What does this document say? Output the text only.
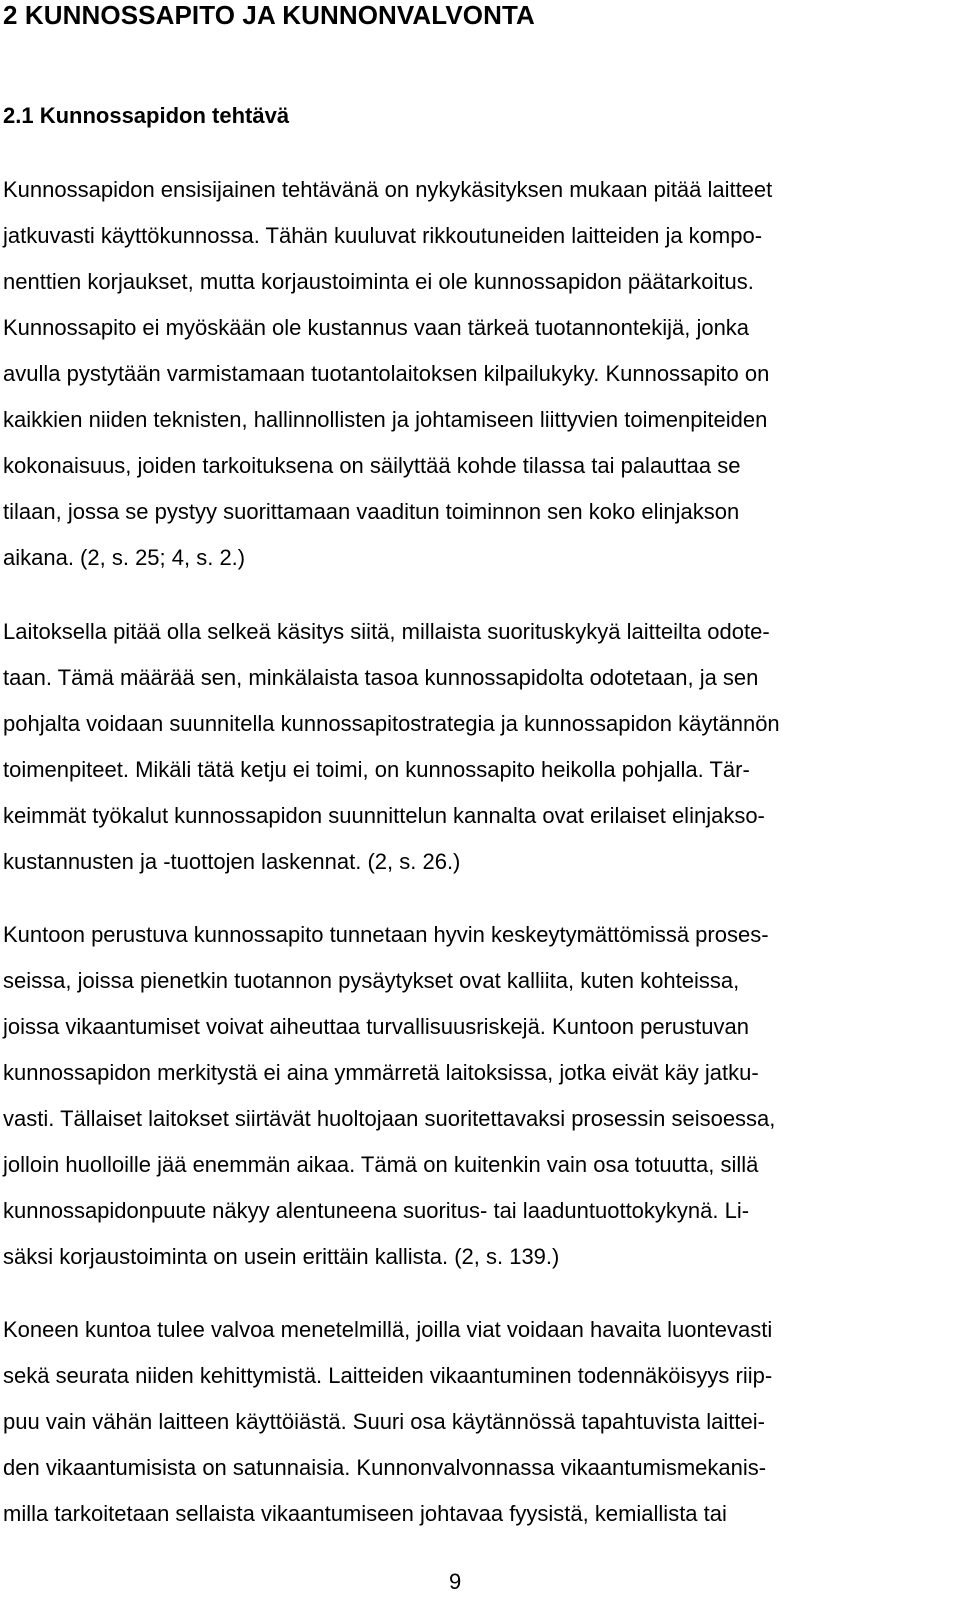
2 KUNNOSSAPITO JA KUNNONVALVONTA
2.1 Kunnossapidon tehtävä
Kunnossapidon ensisijainen tehtävänä on nykykäsityksen mukaan pitää laitteet
jatkuvasti käyttökunnossa. Tähän kuuluvat rikkoutuneiden laitteiden ja kompo-
nenttien korjaukset, mutta korjaustoiminta ei ole kunnossapidon päätarkoitus.
Kunnossapito ei myöskään ole kustannus vaan tärkeä tuotannontekijä, jonka
avulla pystytään varmistamaan tuotantolaitoksen kilpailukyky. Kunnossapito on
kaikkien niiden teknisten, hallinnollisten ja johtamiseen liittyvien toimenpiteiden
kokonaisuus, joiden tarkoituksena on säilyttää kohde tilassa tai palauttaa se
tilaan, jossa se pystyy suorittamaan vaaditun toiminnon sen koko elinjakson
aikana. (2, s. 25; 4, s. 2.)
Laitoksella pitää olla selkeä käsitys siitä, millaista suorituskykyä laitteilta odote-
taan. Tämä määrää sen, minkälaista tasoa kunnossapidolta odotetaan, ja sen
pohjalta voidaan suunnitella kunnossapitostrategia ja kunnossapidon käytännön
toimenpiteet. Mikäli tätä ketju ei toimi, on kunnossapito heikolla pohjalla. Tär-
keimmät työkalut kunnossapidon suunnittelun kannalta ovat erilaiset elinjakso-
kustannusten ja -tuottojen laskennat. (2, s. 26.)
Kuntoon perustuva kunnossapito tunnetaan hyvin keskeytymättömissä proses-
seissa, joissa pienetkin tuotannon pysäytykset ovat kalliita, kuten kohteissa,
joissa vikaantumiset voivat aiheuttaa turvallisuusriskejä. Kuntoon perustuvan
kunnossapidon merkitystä ei aina ymmärretä laitoksissa, jotka eivät käy jatku-
vasti. Tällaiset laitokset siirtävät huoltojaan suoritettavaksi prosessin seisoessa,
jolloin huolloille jää enemmän aikaa. Tämä on kuitenkin vain osa totuutta, sillä
kunnossapidonpuute näkyy alentuneena suoritus- tai laaduntuottokykynä. Li-
säksi korjaustoiminta on usein erittäin kallista. (2, s. 139.)
Koneen kuntoa tulee valvoa menetelmillä, joilla viat voidaan havaita luontevasti
sekä seurata niiden kehittymistä. Laitteiden vikaantuminen todennäköisyys riip-
puu vain vähän laitteen käyttöiästä. Suuri osa käytännössä tapahtuvista laittei-
den vikaantumisista on satunnaisia. Kunnonvalvonnassa vikaantumismekanis-
milla tarkoitetaan sellaista vikaantumiseen johtavaa fyysistä, kemiallista tai
9
